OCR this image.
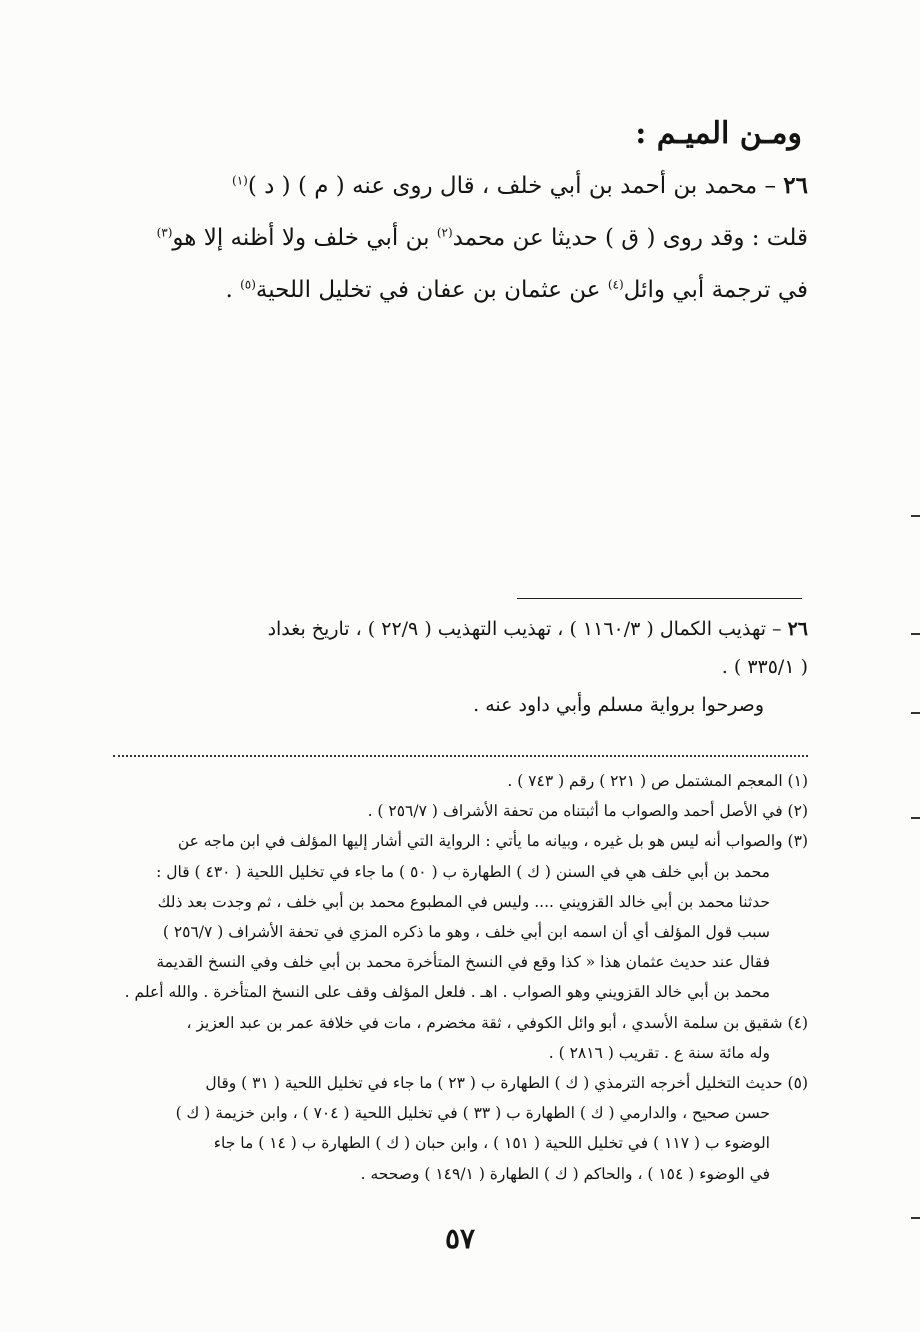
ومـن الميـم :

٢٦ – محمد بن أحمد بن أبي خلف ، قال روى عنه ( م ) ( د )$^{(١)}$

قلت : وقد روى ( ق ) حديثا عن محمد$^{(٢)}$ بن أبي خلف ولا أظنه إلا هو$^{(٣)}$

في ترجمة أبي وائل$^{(٤)}$ عن عثمان بن عفان في تخليل اللحية$^{(٥)}$ .

٢٦ – تهذيب الكمال ( ١١٦٠/٣ ) ، تهذيب التهذيب ( ٢٢/٩ ) ، تاريخ بغداد

( ٣٣٥/١ ) .

وصرحوا برواية مسلم وأبي داود عنه .

(١) المعجم المشتمل ص ( ٢٢١ ) رقم ( ٧٤٣ ) .

(٢) في الأصل أحمد والصواب ما أثبتناه من تحفة الأشراف ( ٢٥٦/٧ ) .

(٣) والصواب أنه ليس هو بل غيره ، وبيانه ما يأتي : الرواية التي أشار إليها المؤلف في ابن ماجه عن

محمد بن أبي خلف هي في السنن ( ك ) الطهارة ب ( ٥٠ ) ما جاء في تخليل اللحية ( ٤٣٠ ) قال :

حدثنا محمد بن أبي خالد القزويني .... وليس في المطبوع محمد بن أبي خلف ، ثم وجدت بعد ذلك

سبب قول المؤلف أي أن اسمه ابن أبي خلف ، وهو ما ذكره المزي في تحفة الأشراف ( ٢٥٦/٧ )

فقال عند حديث عثمان هذا « كذا وقع في النسخ المتأخرة محمد بن أبي خلف وفي النسخ القديمة

محمد بن أبي خالد القزويني وهو الصواب . اهـ . فلعل المؤلف وقف على النسخ المتأخرة . والله أعلم .

(٤) شقيق بن سلمة الأسدي ، أبو وائل الكوفي ، ثقة مخضرم ، مات في خلافة عمر بن عبد العزيز ،

وله مائة سنة ع . تقريب ( ٢٨١٦ ) .

(٥) حديث التخليل أخرجه الترمذي ( ك ) الطهارة ب ( ٢٣ ) ما جاء في تخليل اللحية ( ٣١ ) وقال

حسن صحيح ، والدارمي ( ك ) الطهارة ب ( ٣٣ ) في تخليل اللحية ( ٧٠٤ ) ، وابن خزيمة ( ك )

الوضوء ب ( ١١٧ ) في تخليل اللحية ( ١٥١ ) ، وابن حبان ( ك ) الطهارة ب ( ١٤ ) ما جاء

في الوضوء ( ١٥٤ ) ، والحاكم ( ك ) الطهارة ( ١٤٩/١ ) وصححه .

٥٧
